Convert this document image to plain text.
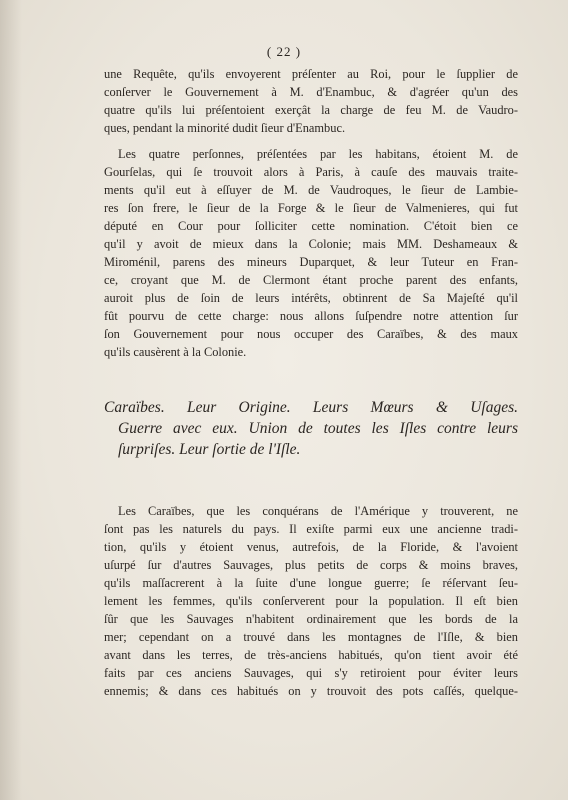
( 22 )
une Requête, qu'ils envoyerent préſenter au Roi, pour le ſupplier de
conſerver le Gouvernement à M. d'Enambuc, & d'agréer qu'un des
quatre qu'ils lui préſentoient exerçât la charge de feu M. de Vaudro-
ques, pendant la minorité dudit ſieur d'Enambuc.
Les quatre perſonnes, préſentées par les habitans, étoient M. de
Gourſelas, qui ſe trouvoit alors à Paris, à cauſe des mauvais traite-
ments qu'il eut à eſſuyer de M. de Vaudroques, le ſieur de Lambie-
res ſon frere, le ſieur de la Forge & le ſieur de Valmenieres, qui fut
député en Cour pour ſolliciter cette nomination. C'étoit bien ce
qu'il y avoit de mieux dans la Colonie; mais MM. Deshameaux &
Miroménil, parens des mineurs Duparquet, & leur Tuteur en Fran-
ce, croyant que M. de Clermont étant proche parent des enfants,
auroit plus de ſoin de leurs intérêts, obtinrent de Sa Majeſté qu'il
fût pourvu de cette charge: nous allons ſuſpendre notre attention ſur
ſon Gouvernement pour nous occuper des Caraïbes, & des maux
qu'ils causèrent à la Colonie.
Caraïbes. Leur Origine. Leurs Mœurs & Uſages.
Guerre avec eux. Union de toutes les Iſles contre leurs
ſurpriſes. Leur ſortie de l'Iſle.
Les Caraïbes, que les conquérans de l'Amérique y trouverent, ne
ſont pas les naturels du pays. Il exiſte parmi eux une ancienne tradi-
tion, qu'ils y étoient venus, autrefois, de la Floride, & l'avoient
uſurpé ſur d'autres Sauvages, plus petits de corps & moins braves,
qu'ils maſſacrerent à la ſuite d'une longue guerre; ſe réſervant ſeu-
lement les femmes, qu'ils conſerverent pour la population. Il eſt bien
ſûr que les Sauvages n'habitent ordinairement que les bords de la
mer; cependant on a trouvé dans les montagnes de l'Iſle, & bien
avant dans les terres, de très-anciens habitués, qu'on tient avoir été
faits par ces anciens Sauvages, qui s'y retiroient pour éviter leurs
ennemis; & dans ces habitués on y trouvoit des pots caſſés, quelque-
